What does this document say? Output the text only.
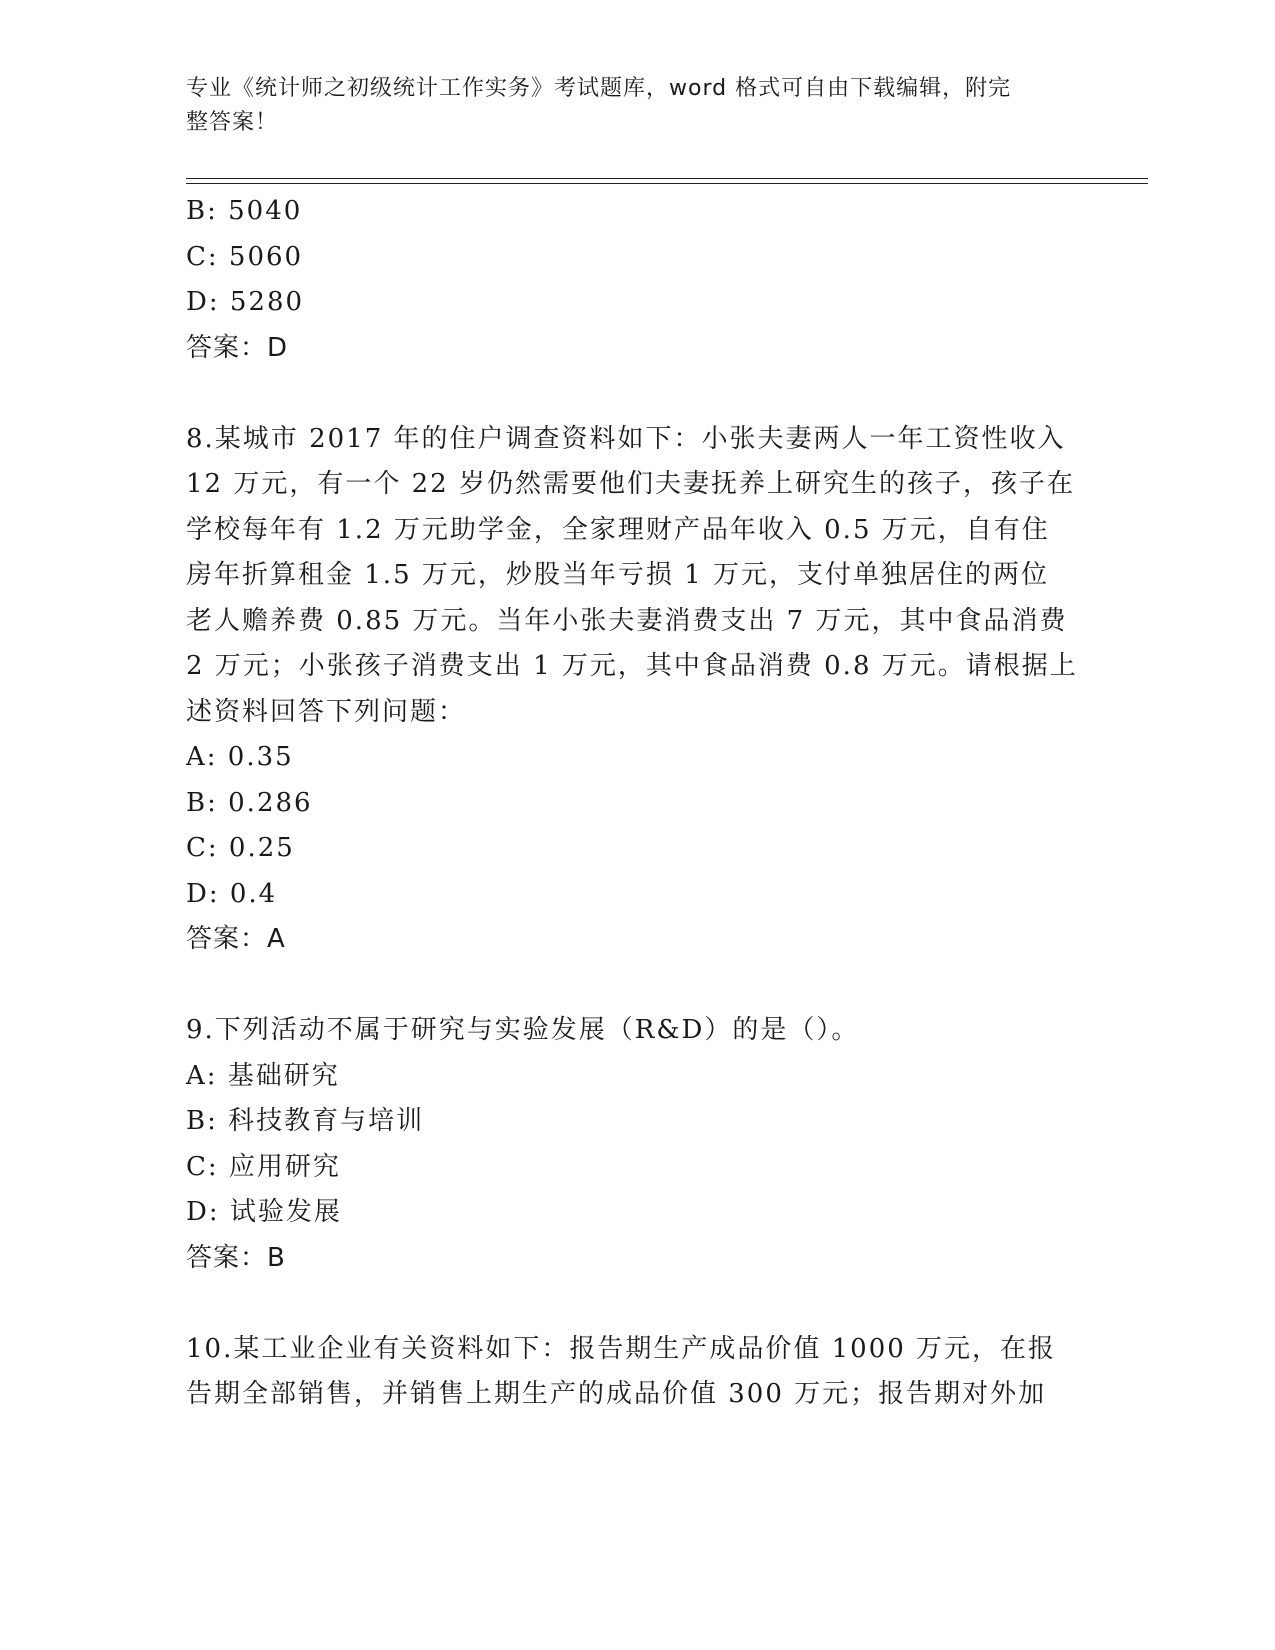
专业《统计师之初级统计工作实务》考试题库，word 格式可自由下载编辑，附完
整答案！
B: 5040
C: 5060
D: 5280
答案：D
8.某城市 2017 年的住户调查资料如下：小张夫妻两人一年工资性收入
12 万元，有一个 22 岁仍然需要他们夫妻抚养上研究生的孩子，孩子在
学校每年有 1.2 万元助学金，全家理财产品年收入 0.5 万元，自有住
房年折算租金 1.5 万元，炒股当年亏损 1 万元，支付单独居住的两位
老人赡养费 0.85 万元。当年小张夫妻消费支出 7 万元，其中食品消费
2 万元；小张孩子消费支出 1 万元，其中食品消费 0.8 万元。请根据上
述资料回答下列问题：
A: 0.35
B: 0.286
C: 0.25
D: 0.4
答案：A
9.下列活动不属于研究与实验发展（R&D）的是（）。
A: 基础研究
B: 科技教育与培训
C: 应用研究
D: 试验发展
答案：B
10.某工业企业有关资料如下：报告期生产成品价值 1000 万元，在报
告期全部销售，并销售上期生产的成品价值 300 万元；报告期对外加
